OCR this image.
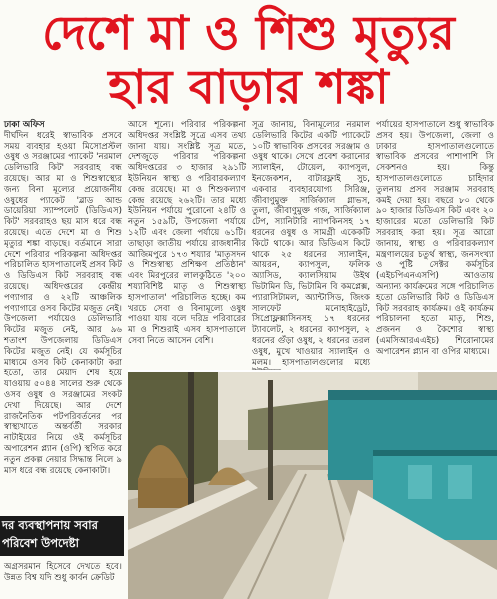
দেশে মা ও শিশু মৃত্যুর
হার বাড়ার শঙ্কা

ঢাকা অফিস

দীর্ঘদিন ধরেই স্বাভাবিক প্রসবে সময় ব্যবহার হওয়া মিসোপ্রস্টল ওষুধ ও সরঞ্জামের প্যাকেট 'নরমাল ডেলিভারি কিট' সরবরাহ বন্ধ রয়েছে। আর মা ও শিশুস্বাস্থ্যের জন্য বিনা মূল্যের প্রয়োজনীয় ওষুধের প্যাকেট 'ব্লাড আন্ড ডায়েরিয়া স্যাম্পলেট (ডিডিএস) কিট' সরবরাহও ছয় মাস ধরে বন্ধ রয়েছে। এতে দেশে মা ও শিশু মৃত্যুর শঙ্কা বাড়ছে। বর্তমানে সারা দেশে পরিবার পরিকল্পনা অধিদপ্তর পরিচালিত হাসপাতালেই প্রসব কিট ও ডিডিএস কিট সরবরাহ বন্ধ রয়েছে। অধিদপ্তরের কেন্দ্রীয় পণ্যাগার ও ২২টি আঞ্চলিক পণ্যাগারে ওসব কিটের মজুত নেই। উপজেলা পর্যায়েও ডেলিভারি কিটের মজুত নেই, আর ৯৬ শতাংশ উপজেলায় ডিডিএস কিটের মজুত নেই। যে কর্মসূচির মাধ্যমে ওসব কিট কেনাকাটা করা হতো, তার মেয়াদ শেষ হয়ে যাওয়ায় ৫০৪৪ সালের শুরু থেকে ওসব ওষুধ ও সরঞ্জামের সংকট দেখা দিয়েছে। আর দেশে রাজনৈতিক পটপরিবর্তনের পর স্বাস্থ্যখাতে অন্তর্বর্তী সরকার নাটাইয়ের নিয়ে ওই কর্মসূচির অপারেশন প্ল্যান (ওপি) স্থগিত করে নতুন প্রকল্প নেয়ার সিদ্ধান্ত নিলে ৯ মাস ধরে বন্ধ রয়েছে কেনাকাটা।

আসে শূন্যে। পরিবার পরিকল্পনা অধিদপ্তর সংশ্লিষ্ট সূত্রে এসব তথ্য জানা যায়। সংশ্লিষ্ট সূত্র মতে, দেশজুড়ে পরিবার পরিকল্পনা অধিদপ্তরের ৩ হাজার ২৯১টি ইউনিয়ন স্বাস্থ্য ও পরিবারকল্যাণ কেন্দ্র রয়েছে। মা ও শিশুকল্যাণ কেন্দ্র রয়েছে ২৬২টি। তার মধ্যে ইউনিয়ন পর্যায়ে পুরোনো ২৪টি ও নতুন ১৫৯টি, উপজেলা পর্যায়ে ১২টি এবং জেলা পর্যায়ে ৬১টি। তাছাড়া জাতীয় পর্যায়ে রাজধানীর আজিমপুরে ১৭৩ শয্যার 'মাতৃসদন ও শিশুস্বাস্থ্য প্রশিক্ষণ প্রতিষ্ঠান' এবং মিরপুরের লালকুঠিতে '২০০ শয্যাবিশিষ্ট মাতৃ ও শিশুস্বাস্থ্য হাসপাতাল' পরিচালিত হচ্ছে। কম খরচে সেবা ও বিনামূল্যে ওষুধ পাওয়া যায় বলে দরিদ্র পরিবারের মা ও শিশুরাই এসব হাসপাতালে সেবা নিতে আসেন বেশি।

সূত্র জানায়, বিনামূল্যের নরমাল ডেলিভারি কিটের একটি প্যাকেটে ১০টি স্বাভাবিক প্রসবের সরঞ্জাম ও ওষুধ থাকে। সেখে প্রবেশ করানোর স্যালাইন, টোয়েল, ক্যাপসুল, ইনজেকশন, বাটারফ্লাই সুচ, একবার ব্যবহারযোগ্য সিরিঞ্জ, জীবাণুমুক্ত সার্জিক্যাল গ্লাভস, তুলা, জীবাণুমুক্ত গজ, সার্জিক্যাল টেপ, স্যানিটারি ন্যাপকিনসহ ১৭ ধরনের ওষুধ ও সামগ্রী একেকটি কিটে থাকে। আর ডিডিএস কিটে থাকে ২৫ ধরনের স্যালাইন, আয়রন, ক্যাপসুল, ফলিক অ্যাসিড, ক্যালসিয়াম উইথ ভিটামিন ডি, ভিটামিন বি কমপ্লেক্স, প্যারাসিটামল, অ্যান্টাসিড, জিংক সালফেট মনোহাইড্রেট, সিপ্রোফ্লক্সাসিনসহ ১৭ ধরনের ট্যাবলেট, ২ ধরনের ক্যাপসুল, ২ ধরনের গুঁড়া ওষুধ, ২ ধরনের তরল ওষুধ, মুখে খাওয়ার স্যালাইন ও মলম। হাসপাতালগুলোর মধ্যে

পর্যায়ের হাসপাতালে শুধু স্বাভাবিক প্রসব হয়। উপজেলা, জেলা ও ঢাকার হাসপাতালগুলোতে স্বাভাবিক প্রসবের পাশাপাশি সি সেকশনও হয়। কিন্তু হাসপাতালগুলোতে চাহিদার তুলনায় প্রসব সরঞ্জাম সরবরাহ কমই দেয়া হয়। বছরে ৮০ থেকে ৯০ হাজার ডিডিএস কিট এবং ২০ হাজারের মতো ডেলিভারি কিট সরবরাহ করা হয়। সূত্র আরো জানায়, স্বাস্থ্য ও পরিবারকল্যাণ মন্ত্রণালয়ের চতুর্থ স্বাস্থ্য, জনসংখ্যা ও পুষ্টি সেক্টর কর্মসূচির (এইচপিএনএসপি) আওতায় অন্যান্য কার্যক্রমের সঙ্গে পরিচালিত হতো ডেলিভারি কিট ও ডিডিএস কিট সরবরাহ কার্যক্রম। ওই কার্যক্রম পরিচালনা হতো মাতৃ, শিশু, প্রজনন ও কৈশোর স্বাস্থ্য (এমসিআরএএইচ) শিরোনামের অপারেশন প্ল্যান বা ওপির মাধ্যমে।

দর ব্যবস্থাপনায় সবার
পরিবেশ উপদেষ্টা
অগ্রসরমান হিসেবে দেখতে হবে। উন্নত বিশ্ব যদি শুধু কার্বন ক্রেডিট
